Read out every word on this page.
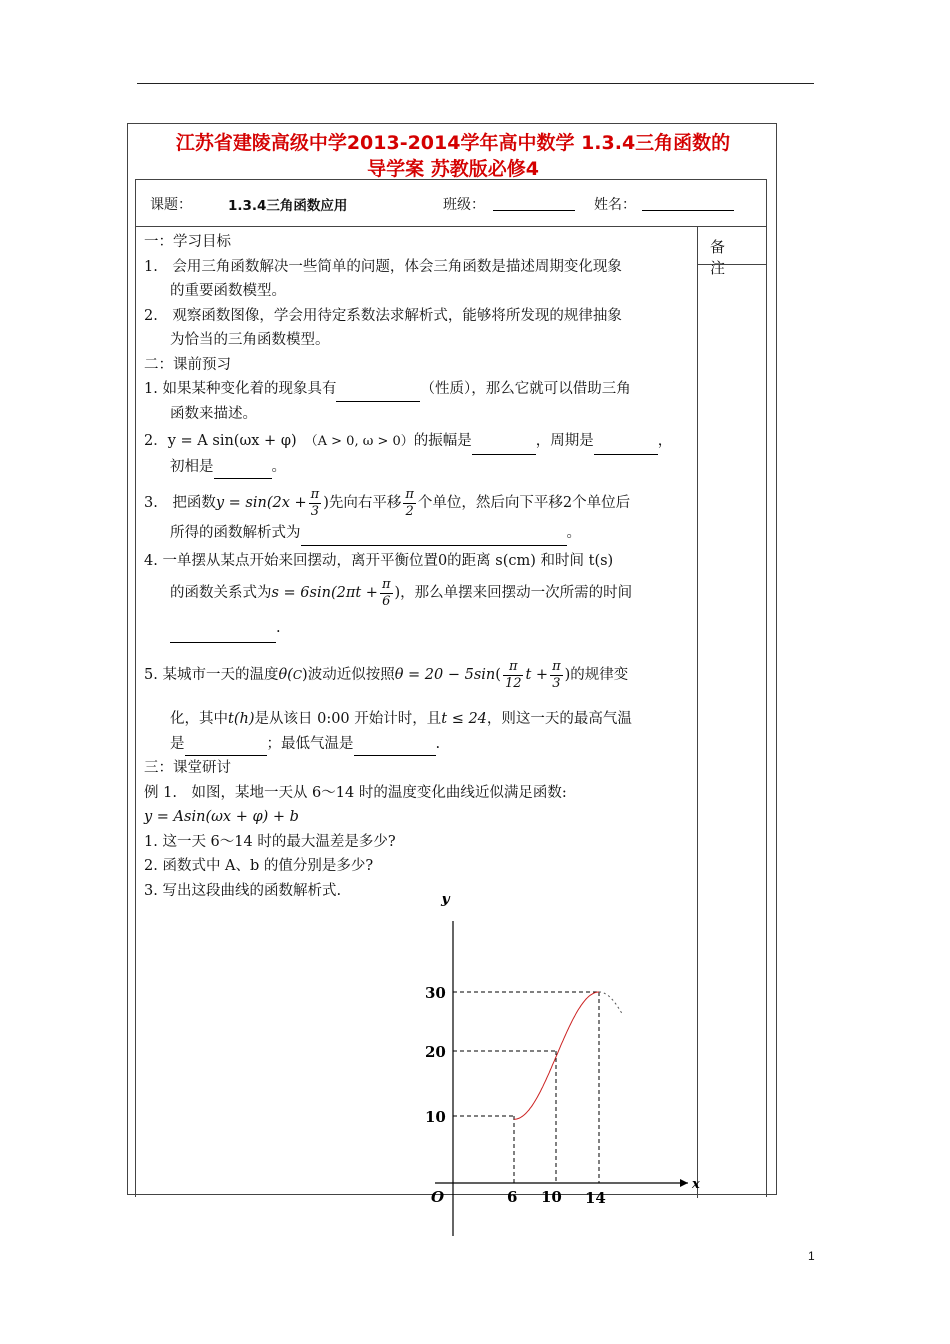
江苏省建陵高级中学2013-2014学年高中数学 1.3.4三角函数的
导学案 苏教版必修4
课题：	1.3.4三角函数应用	班级：	姓名：
备 注

一：学习目标

1.　会用三角函数解决一些简单的问题，体会三角函数是描述周期变化现象

的重要函数模型。

2.　观察函数图像，学会用待定系数法求解析式，能够将所发现的规律抽象

为恰当的三角函数模型。

二：课前预习

1. 如果某种变化着的现象具有	（性质），那么它就可以借助三角

函数来描述。

2．y = A sin(ωx + φ)　 （A > 0, ω > 0）的振幅是	，周期是	，

初相是	。

3.　把函数$y = \sin(2x + \frac{\pi}{3}$ )先向右平移 $\frac{\pi}{2}$ 个单位，然后向下平移2个单位后

所得的函数解析式为	。

4. 一单摆从某点开始来回摆动，离开平衡位置0的距离 s(cm) 和时间 t(s)

的函数关系式为$s = 6\sin(2\pi t + \frac{\pi}{6}$ )，那么单摆来回摆动一次所需的时间

.

5. 某城市一天的温度θ(C)波动近似按照$\theta = 20 - 5\sin( \frac{\pi}{12}$ $t + \frac{\pi}{3}$ )的规律变

化，其中t(h)是从该日 0:00 开始计时，且t ≤ 24，则这一天的最高气温

是	；最低气温是	.

三：课堂研讨

例 1.　如图，某地一天从 6～14 时的温度变化曲线近似满足函数:

y = Asin(ωx + φ) + b

1. 这一天 6～14 时的最大温差是多少?

2. 函数式中 A、b 的值分别是多少?

3. 写出这段曲线的函数解析式.	y
x
O
30
20
10
6 10 14
1
